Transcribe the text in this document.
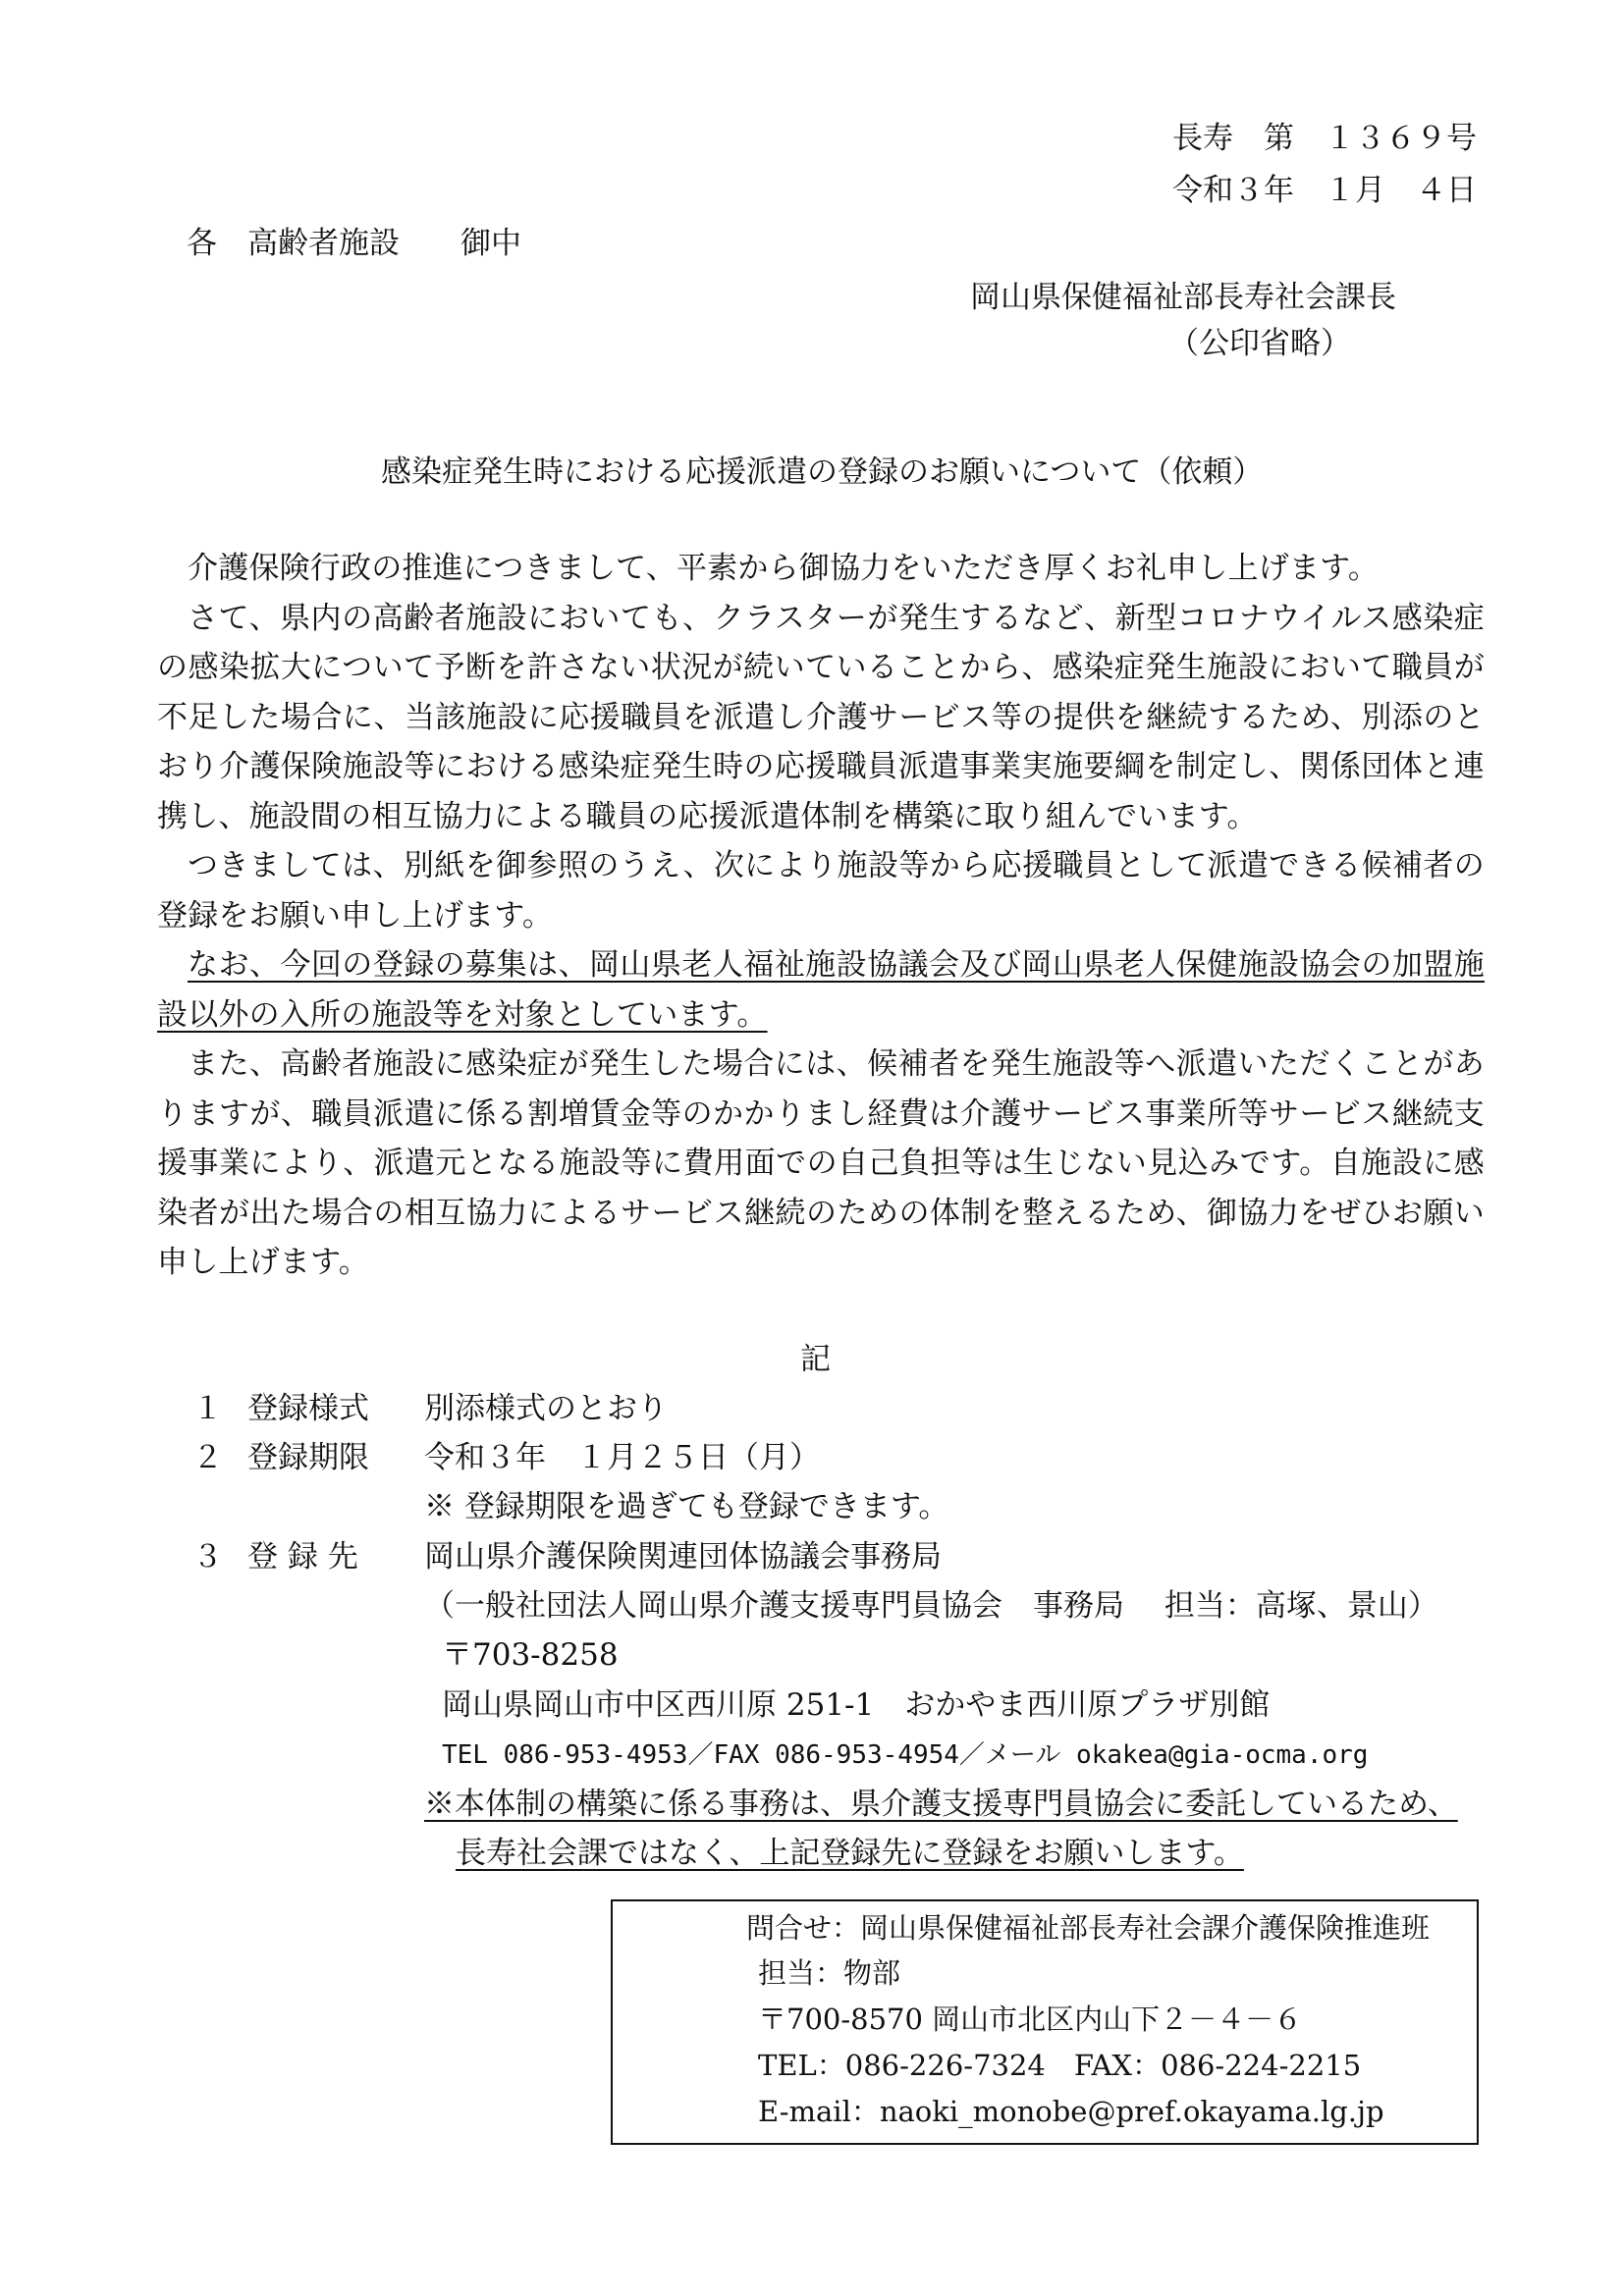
長寿　第　１３６９号
令和３年　１月　４日
各　高齢者施設　　御中
岡山県保健福祉部長寿社会課長
（公印省略）
感染症発生時における応援派遣の登録のお願いについて（依頼）

介護保険行政の推進につきまして、平素から御協力をいただき厚くお礼申し上げます。

さて、県内の高齢者施設においても、クラスターが発生するなど、新型コロナウイルス感染症の感染拡大について予断を許さない状況が続いていることから、感染症発生施設において職員が不足した場合に、当該施設に応援職員を派遣し介護サービス等の提供を継続するため、別添のとおり介護保険施設等における感染症発生時の応援職員派遣事業実施要綱を制定し、関係団体と連携し、施設間の相互協力による職員の応援派遣体制を構築に取り組んでいます。

つきましては、別紙を御参照のうえ、次により施設等から応援職員として派遣できる候補者の登録をお願い申し上げます。

なお、今回の登録の募集は、岡山県老人福祉施設協議会及び岡山県老人保健施設協会の加盟施設以外の入所の施設等を対象としています。

また、高齢者施設に感染症が発生した場合には、候補者を発生施設等へ派遣いただくことがありますが、職員派遣に係る割増賃金等のかかりまし経費は介護サービス事業所等サービス継続支援事業により、派遣元となる施設等に費用面での自己負担等は生じない見込みです。自施設に感染者が出た場合の相互協力によるサービス継続のための体制を整えるため、御協力をぜひお願い申し上げます。

記
１ 登録様式 別添様式のとおり
２ 登録期限 令和３年　１月２５日（月）
※ 登録期限を過ぎても登録できます。
３ 登 録 先 岡山県介護保険関連団体協議会事務局
（一般社団法人岡山県介護支援専門員協会　事務局　 担当：高塚、景山）
〒703-8258
岡山県岡山市中区西川原 251-1　おかやま西川原プラザ別館
TEL 086-953-4953／FAX 086-953-4954／メール okakea@gia-ocma.org
※本体制の構築に係る事務は、県介護支援専門員協会に委託しているため、
長寿社会課ではなく、上記登録先に登録をお願いします。
問合せ：岡山県保健福祉部長寿社会課介護保険推進班
担当：物部
〒700-8570 岡山市北区内山下２－４－６
TEL：086-226-7324　FAX：086-224-2215
E-mail：naoki_monobe@pref.okayama.lg.jp
